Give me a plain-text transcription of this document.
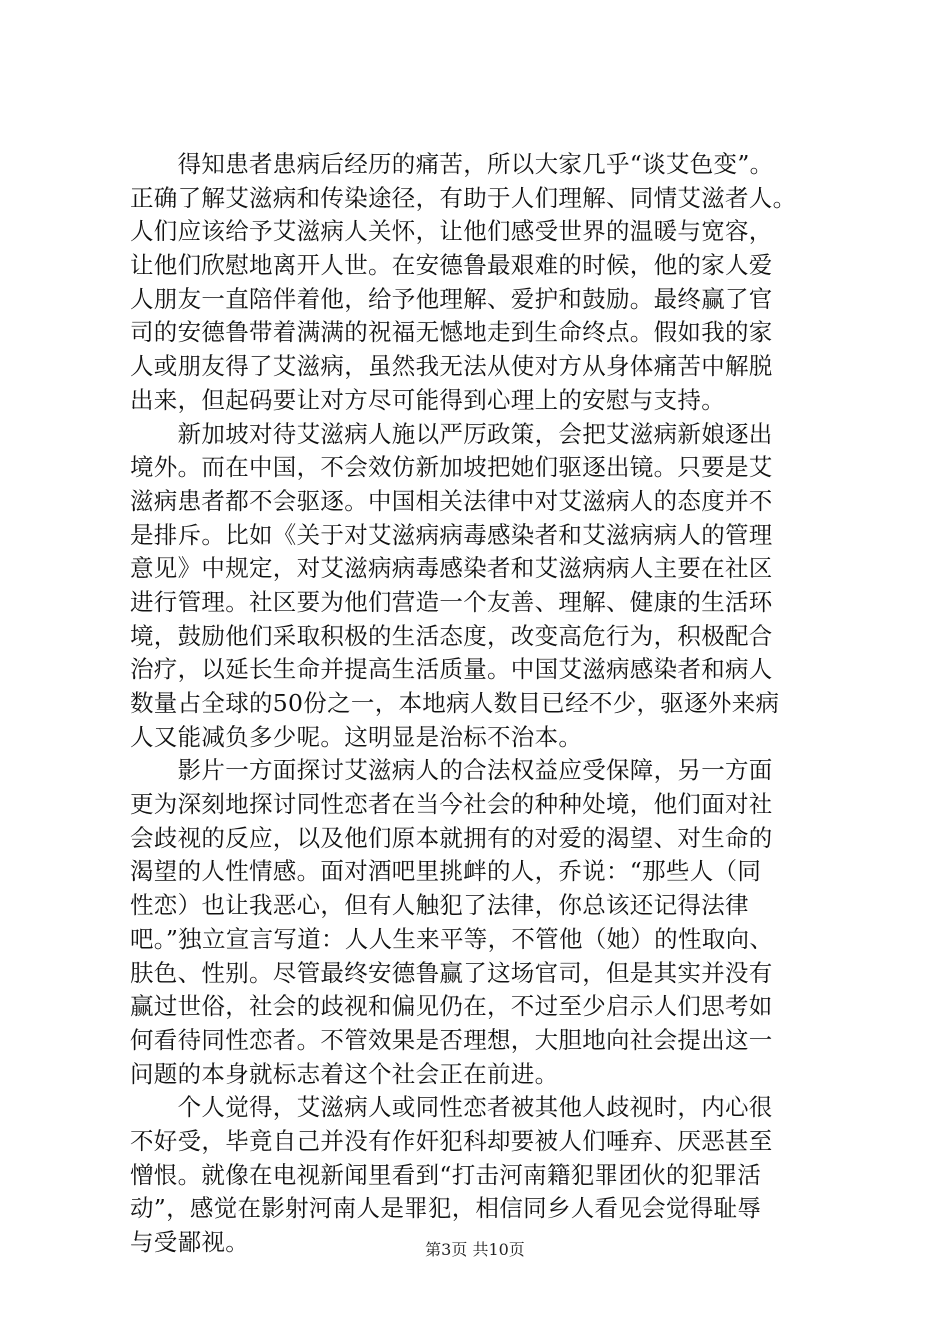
　　得知患者患病后经历的痛苦，所以大家几乎“谈艾色变”。
正确了解艾滋病和传染途径，有助于人们理解、同情艾滋者人。
人们应该给予艾滋病人关怀，让他们感受世界的温暖与宽容，
让他们欣慰地离开人世。在安德鲁最艰难的时候，他的家人爱
人朋友一直陪伴着他，给予他理解、爱护和鼓励。最终赢了官
司的安德鲁带着满满的祝福无憾地走到生命终点。假如我的家
人或朋友得了艾滋病，虽然我无法从使对方从身体痛苦中解脱
出来，但起码要让对方尽可能得到心理上的安慰与支持。
　　新加坡对待艾滋病人施以严厉政策，会把艾滋病新娘逐出
境外。而在中国，不会效仿新加坡把她们驱逐出镜。只要是艾
滋病患者都不会驱逐。中国相关法律中对艾滋病人的态度并不
是排斥。比如《关于对艾滋病病毒感染者和艾滋病病人的管理
意见》中规定，对艾滋病病毒感染者和艾滋病病人主要在社区
进行管理。社区要为他们营造一个友善、理解、健康的生活环
境，鼓励他们采取积极的生活态度，改变高危行为，积极配合
治疗，以延长生命并提高生活质量。中国艾滋病感染者和病人
数量占全球的50份之一，本地病人数目已经不少，驱逐外来病
人又能减负多少呢。这明显是治标不治本。
　　影片一方面探讨艾滋病人的合法权益应受保障，另一方面
更为深刻地探讨同性恋者在当今社会的种种处境，他们面对社
会歧视的反应，以及他们原本就拥有的对爱的渴望、对生命的
渴望的人性情感。面对酒吧里挑衅的人，乔说：“那些人（同
性恋）也让我恶心，但有人触犯了法律，你总该还记得法律
吧。”独立宣言写道：人人生来平等，不管他（她）的性取向、
肤色、性别。尽管最终安德鲁赢了这场官司，但是其实并没有
赢过世俗，社会的歧视和偏见仍在，不过至少启示人们思考如
何看待同性恋者。不管效果是否理想，大胆地向社会提出这一
问题的本身就标志着这个社会正在前进。
　　个人觉得，艾滋病人或同性恋者被其他人歧视时，内心很
不好受，毕竟自己并没有作奸犯科却要被人们唾弃、厌恶甚至
憎恨。就像在电视新闻里看到“打击河南籍犯罪团伙的犯罪活
动”，感觉在影射河南人是罪犯，相信同乡人看见会觉得耻辱
与受鄙视。	第3页 共10页
